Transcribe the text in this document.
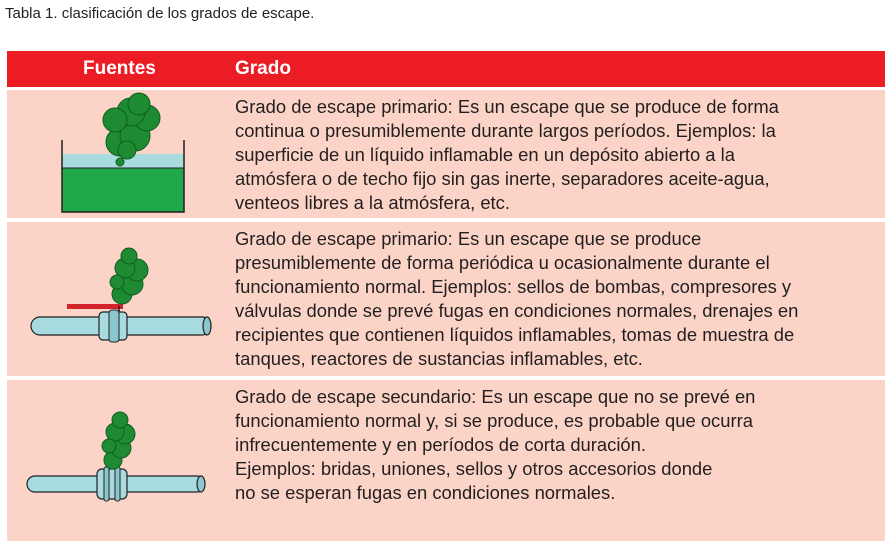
Tabla 1. clasificación de los grados de escape.
Fuentes	Grado
Grado de escape primario: Es un escape que se produce de forma
continua o presumiblemente durante largos períodos. Ejemplos: la
superficie de un líquido inflamable en un depósito abierto a la
atmósfera o de techo fijo sin gas inerte, separadores aceite-agua,
venteos libres a la atmósfera, etc.
Grado de escape primario: Es un escape que se produce
presumiblemente de forma periódica u ocasionalmente durante el
funcionamiento normal. Ejemplos: sellos de bombas, compresores y
válvulas donde se prevé fugas en condiciones normales, drenajes en
recipientes que contienen líquidos inflamables, tomas de muestra de
tanques, reactores de sustancias inflamables, etc.
Grado de escape secundario: Es un escape que no se prevé en
funcionamiento normal y, si se produce, es probable que ocurra
infrecuentemente y en períodos de corta duración.
Ejemplos: bridas, uniones, sellos y otros accesorios donde
no se esperan fugas en condiciones normales.
